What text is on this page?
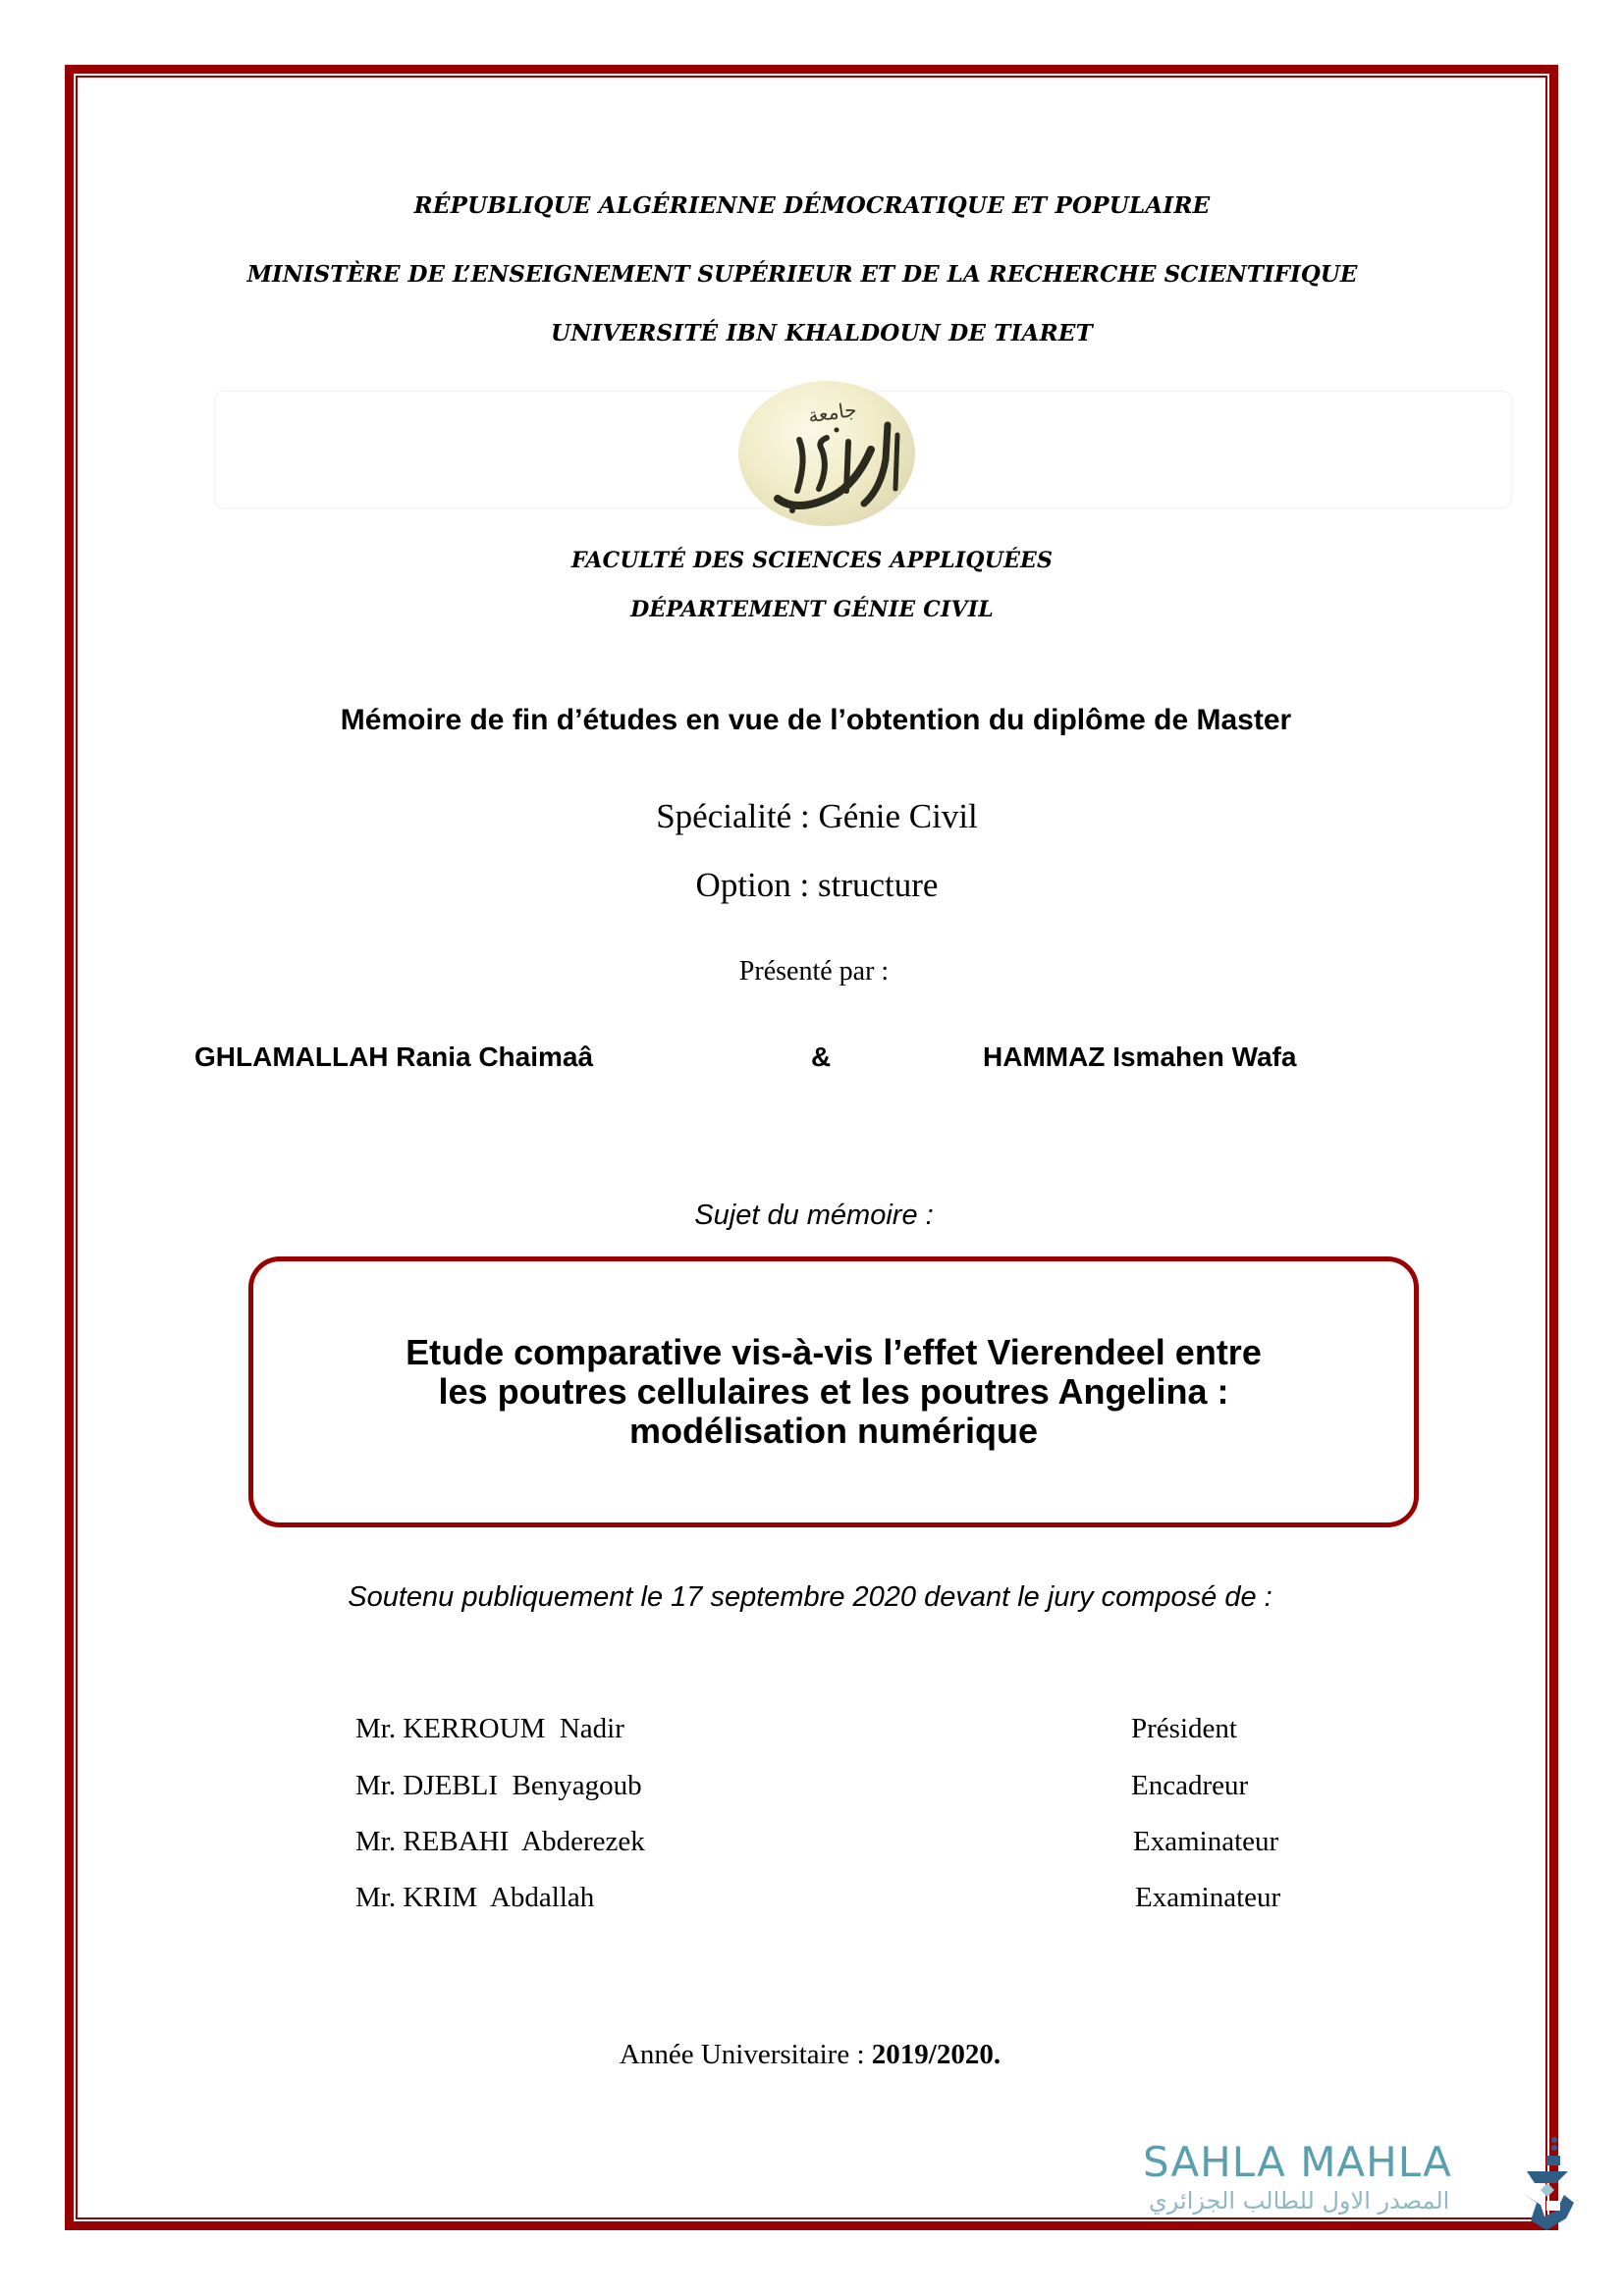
RÉPUBLIQUE ALGÉRIENNE DÉMOCRATIQUE ET POPULAIRE
MINISTÈRE DE L’ENSEIGNEMENT SUPÉRIEUR ET DE LA RECHERCHE SCIENTIFIQUE
UNIVERSITÉ IBN KHALDOUN DE TIARET
جامعة
FACULTÉ DES SCIENCES APPLIQUÉES
DÉPARTEMENT GÉNIE CIVIL
Mémoire de fin d’études en vue de l’obtention du diplôme de Master
Spécialité : Génie Civil
Option : structure
Présenté par :
GHLAMALLAH Rania Chaimaâ	&	HAMMAZ Ismahen Wafa
Sujet du mémoire :
Etude comparative vis-à-vis l’effet Vierendeel entre
les poutres cellulaires et les poutres Angelina :
modélisation numérique
Soutenu publiquement le 17 septembre 2020 devant le jury composé de :
Mr. KERROUM  Nadir	Président
Mr. DJEBLI  Benyagoub	Encadreur
Mr. REBAHI  Abderezek	Examinateur
Mr. KRIM  Abdallah	Examinateur
Année Universitaire : 2019/2020.
SAHLA MAHLA
المصدر الاول للطالب الجزائري
